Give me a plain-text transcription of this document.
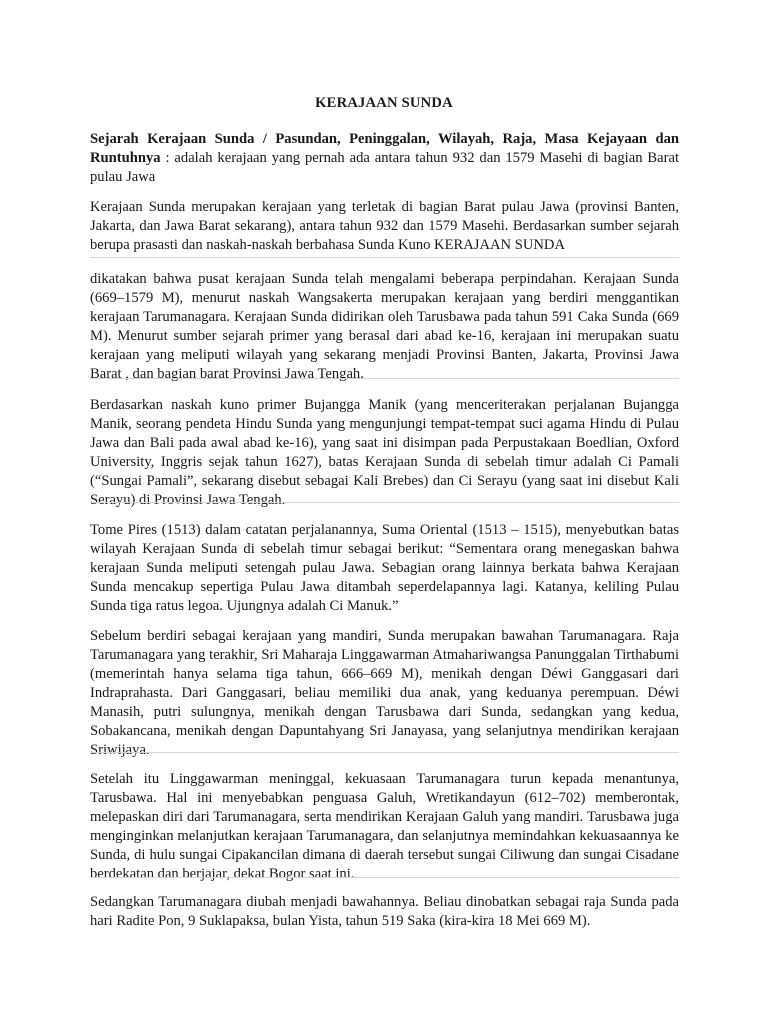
KERAJAAN SUNDA

Sejarah Kerajaan Sunda / Pasundan, Peninggalan, Wilayah, Raja, Masa Kejayaan dan Runtuhnya : adalah kerajaan yang pernah ada antara tahun 932 dan 1579 Masehi di bagian Barat pulau Jawa

Kerajaan Sunda merupakan kerajaan yang terletak di bagian Barat pulau Jawa (provinsi Banten, Jakarta, dan Jawa Barat sekarang), antara tahun 932 dan 1579 Masehi. Berdasarkan sumber sejarah berupa prasasti dan naskah-naskah berbahasa Sunda Kuno KERAJAAN SUNDA

dikatakan bahwa pusat kerajaan Sunda telah mengalami beberapa perpindahan. Kerajaan Sunda (669–1579 M), menurut naskah Wangsakerta merupakan kerajaan yang berdiri menggantikan kerajaan Tarumanagara. Kerajaan Sunda didirikan oleh Tarusbawa pada tahun 591 Caka Sunda (669 M). Menurut sumber sejarah primer yang berasal dari abad ke-16, kerajaan ini merupakan suatu kerajaan yang meliputi wilayah yang sekarang menjadi Provinsi Banten, Jakarta, Provinsi Jawa Barat , dan bagian barat Provinsi Jawa Tengah.

Berdasarkan naskah kuno primer Bujangga Manik (yang menceriterakan perjalanan Bujangga Manik, seorang pendeta Hindu Sunda yang mengunjungi tempat-tempat suci agama Hindu di Pulau Jawa dan Bali pada awal abad ke-16), yang saat ini disimpan pada Perpustakaan Boedlian, Oxford University, Inggris sejak tahun 1627), batas Kerajaan Sunda di sebelah timur adalah Ci Pamali (“Sungai Pamali”, sekarang disebut sebagai Kali Brebes) dan Ci Serayu (yang saat ini disebut Kali Serayu) di Provinsi Jawa Tengah.

Tome Pires (1513) dalam catatan perjalanannya, Suma Oriental (1513 – 1515), menyebutkan batas wilayah Kerajaan Sunda di sebelah timur sebagai berikut: “Sementara orang menegaskan bahwa kerajaan Sunda meliputi setengah pulau Jawa. Sebagian orang lainnya berkata bahwa Kerajaan Sunda mencakup sepertiga Pulau Jawa ditambah seperdelapannya lagi. Katanya, keliling Pulau Sunda tiga ratus legoa. Ujungnya adalah Ci Manuk.”

Sebelum berdiri sebagai kerajaan yang mandiri, Sunda merupakan bawahan Tarumanagara. Raja Tarumanagara yang terakhir, Sri Maharaja Linggawarman Atmahariwangsa Panunggalan Tirthabumi (memerintah hanya selama tiga tahun, 666–669 M), menikah dengan Déwi Ganggasari dari Indraprahasta. Dari Ganggasari, beliau memiliki dua anak, yang keduanya perempuan. Déwi Manasih, putri sulungnya, menikah dengan Tarusbawa dari Sunda, sedangkan yang kedua, Sobakancana, menikah dengan Dapuntahyang Sri Janayasa, yang selanjutnya mendirikan kerajaan Sriwijaya.

Setelah itu Linggawarman meninggal, kekuasaan Tarumanagara turun kepada menantunya, Tarusbawa. Hal ini menyebabkan penguasa Galuh, Wretikandayun (612–702) memberontak, melepaskan diri dari Tarumanagara, serta mendirikan Kerajaan Galuh yang mandiri. Tarusbawa juga menginginkan melanjutkan kerajaan Tarumanagara, dan selanjutnya memindahkan kekuasaannya ke Sunda, di hulu sungai Cipakancilan dimana di daerah tersebut sungai Ciliwung dan sungai Cisadane berdekatan dan berjajar, dekat Bogor saat ini.

Sedangkan Tarumanagara diubah menjadi bawahannya. Beliau dinobatkan sebagai raja Sunda pada hari Radite Pon, 9 Suklapaksa, bulan Yista, tahun 519 Saka (kira-kira 18 Mei 669 M).
